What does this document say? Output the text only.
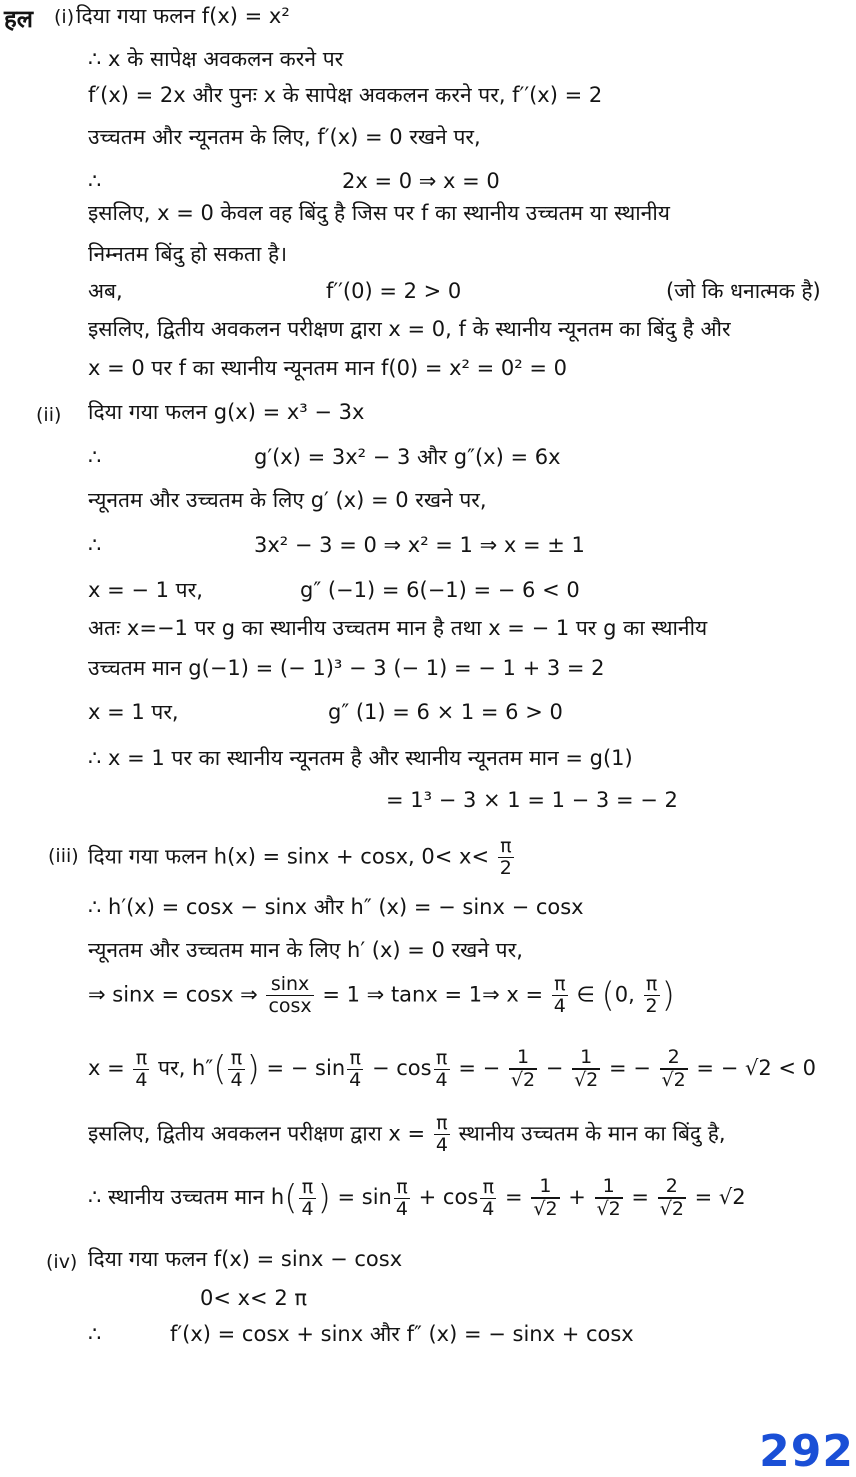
हल (i) दिया गया फलन f(x) = x²
∴ x के सापेक्ष अवकलन करने पर
f′(x) = 2x और पुनः x के सापेक्ष अवकलन करने पर, f′′(x) = 2
उच्चतम और न्यूनतम के लिए, f′(x) = 0 रखने पर,
∴	2x = 0 ⇒ x = 0
इसलिए, x = 0 केवल वह बिंदु है जिस पर f का स्थानीय उच्चतम या स्थानीय
निम्नतम बिंदु हो सकता है।
अब,	f′′(0) = 2 > 0	(जो कि धनात्मक है)
इसलिए, द्वितीय अवकलन परीक्षण द्वारा x = 0, f के स्थानीय न्यूनतम का बिंदु है और
x = 0 पर f का स्थानीय न्यूनतम मान f(0) = x² = 0² = 0
(ii) दिया गया फलन g(x) = x³ − 3x
∴	g′(x) = 3x² − 3 और g″(x) = 6x
न्यूनतम और उच्चतम के लिए g′ (x) = 0 रखने पर,
∴	3x² − 3 = 0 ⇒ x² = 1 ⇒ x = ± 1
x = − 1 पर,	g″ (−1) = 6(−1) = − 6 < 0
अतः x=−1 पर g का स्थानीय उच्चतम मान है तथा x = − 1 पर g का स्थानीय
उच्चतम मान g(−1) = (− 1)³ − 3 (− 1) = − 1 + 3 = 2
x = 1 पर,	g″ (1) = 6 × 1 = 6 > 0
∴ x = 1 पर का स्थानीय न्यूनतम है और स्थानीय न्यूनतम मान = g(1)
= 1³ − 3 × 1 = 1 − 3 = − 2
(iii) दिया गया फलन h(x) = sinx + cosx, $0< x< \frac{\pi}{2}$
∴ h′(x) = cosx − sinx और h″ (x) = − sinx − cosx
न्यूनतम और उच्चतम मान के लिए h′ (x) = 0 रखने पर,
⇒ sinx = cosx ⇒ $\frac{\sin x}{\cos x} = 1$ ⇒ tanx = 1⇒ $x = \frac{\pi}{4}$ ∈ (0, $\frac{\pi}{2}$ )
$x = \frac{\pi}{4}$ पर, $h''( \frac{\pi}{4}$ ) = − $\sin \frac{\pi}{4} - \cos \frac{\pi}{4}$ = − $\frac{1}{√2} - \frac{1}{√2}$ = − $\frac{2}{√2}$ = − √2 < 0
इसलिए, द्वितीय अवकलन परीक्षण द्वारा $x = \frac{\pi}{4}$ स्थानीय उच्चतम के मान का बिंदु है,
∴ स्थानीय उच्चतम मान $h( \frac{\pi}{4}$ ) = $\sin \frac{\pi}{4} + \cos \frac{\pi}{4} = \frac{1}{√2} + \frac{1}{√2} = \frac{2}{√2} = √2$
(iv) दिया गया फलन f(x) = sinx − cosx
0< x< 2 π
∴	f′(x) = cosx + sinx और f″ (x) = − sinx + cosx
292
